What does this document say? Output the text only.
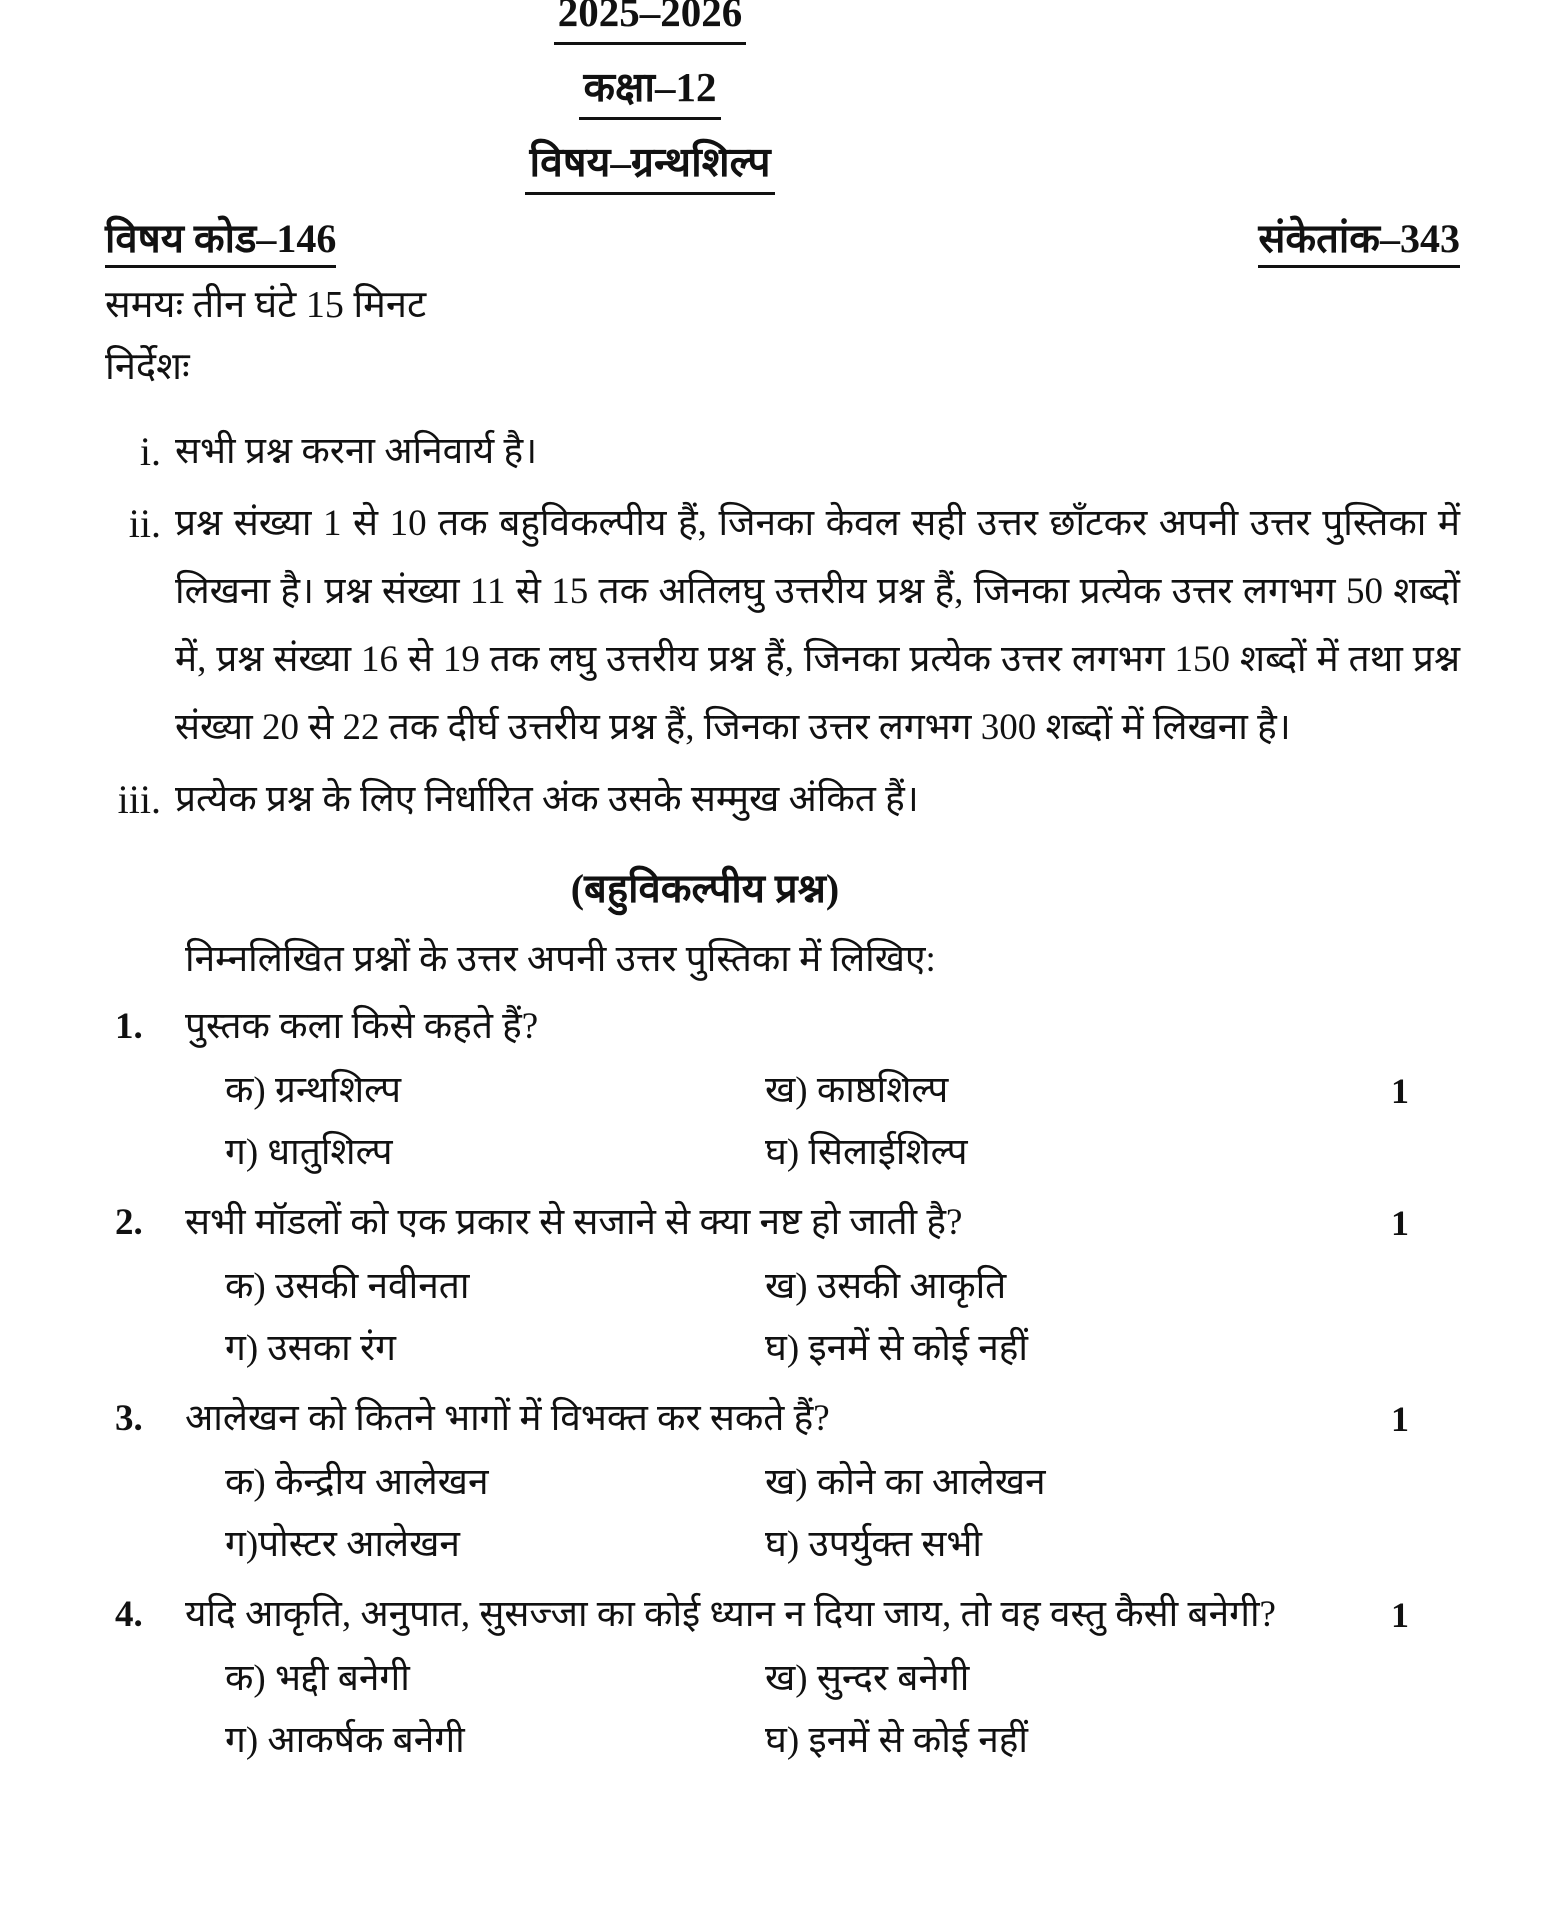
2025–2026
कक्षा–12
विषय–ग्रन्थशिल्प
विषय कोड–146	संकेतांक–343
समयः तीन घंटे 15 मिनट
निर्देशः
i. सभी प्रश्न करना अनिवार्य है।
ii. प्रश्न संख्या 1 से 10 तक बहुविकल्पीय हैं, जिनका केवल सही उत्तर छाँटकर अपनी उत्तर पुस्तिका में लिखना है। प्रश्न संख्या 11 से 15 तक अतिलघु उत्तरीय प्रश्न हैं, जिनका प्रत्येक उत्तर लगभग 50 शब्दों में, प्रश्न संख्या 16 से 19 तक लघु उत्तरीय प्रश्न हैं, जिनका प्रत्येक उत्तर लगभग 150 शब्दों में तथा प्रश्न संख्या 20 से 22 तक दीर्घ उत्तरीय प्रश्न हैं, जिनका उत्तर लगभग 300 शब्दों में लिखना है।
iii. प्रत्येक प्रश्न के लिए निर्धारित अंक उसके सम्मुख अंकित हैं।
(बहुविकल्पीय प्रश्न)
निम्नलिखित प्रश्नों के उत्तर अपनी उत्तर पुस्तिका में लिखिए:
1.	पुस्तक कला किसे कहते हैं?
क) ग्रन्थशिल्प	ख) काष्ठशिल्प	1
ग) धातुशिल्प	घ) सिलाईशिल्प
2.	सभी मॉडलों को एक प्रकार से सजाने से क्या नष्ट हो जाती है?	1
क) उसकी नवीनता	ख) उसकी आकृति
ग) उसका रंग	घ) इनमें से कोई नहीं
3.	आलेखन को कितने भागों में विभक्त कर सकते हैं?	1
क) केन्द्रीय आलेखन	ख) कोने का आलेखन
ग)पोस्टर आलेखन	घ) उपर्युक्त सभी
4.	यदि आकृति, अनुपात, सुसज्जा का कोई ध्यान न दिया जाय, तो वह वस्तु कैसी बनेगी?	1
क) भद्दी बनेगी	ख) सुन्दर बनेगी
ग) आकर्षक बनेगी	घ) इनमें से कोई नहीं
